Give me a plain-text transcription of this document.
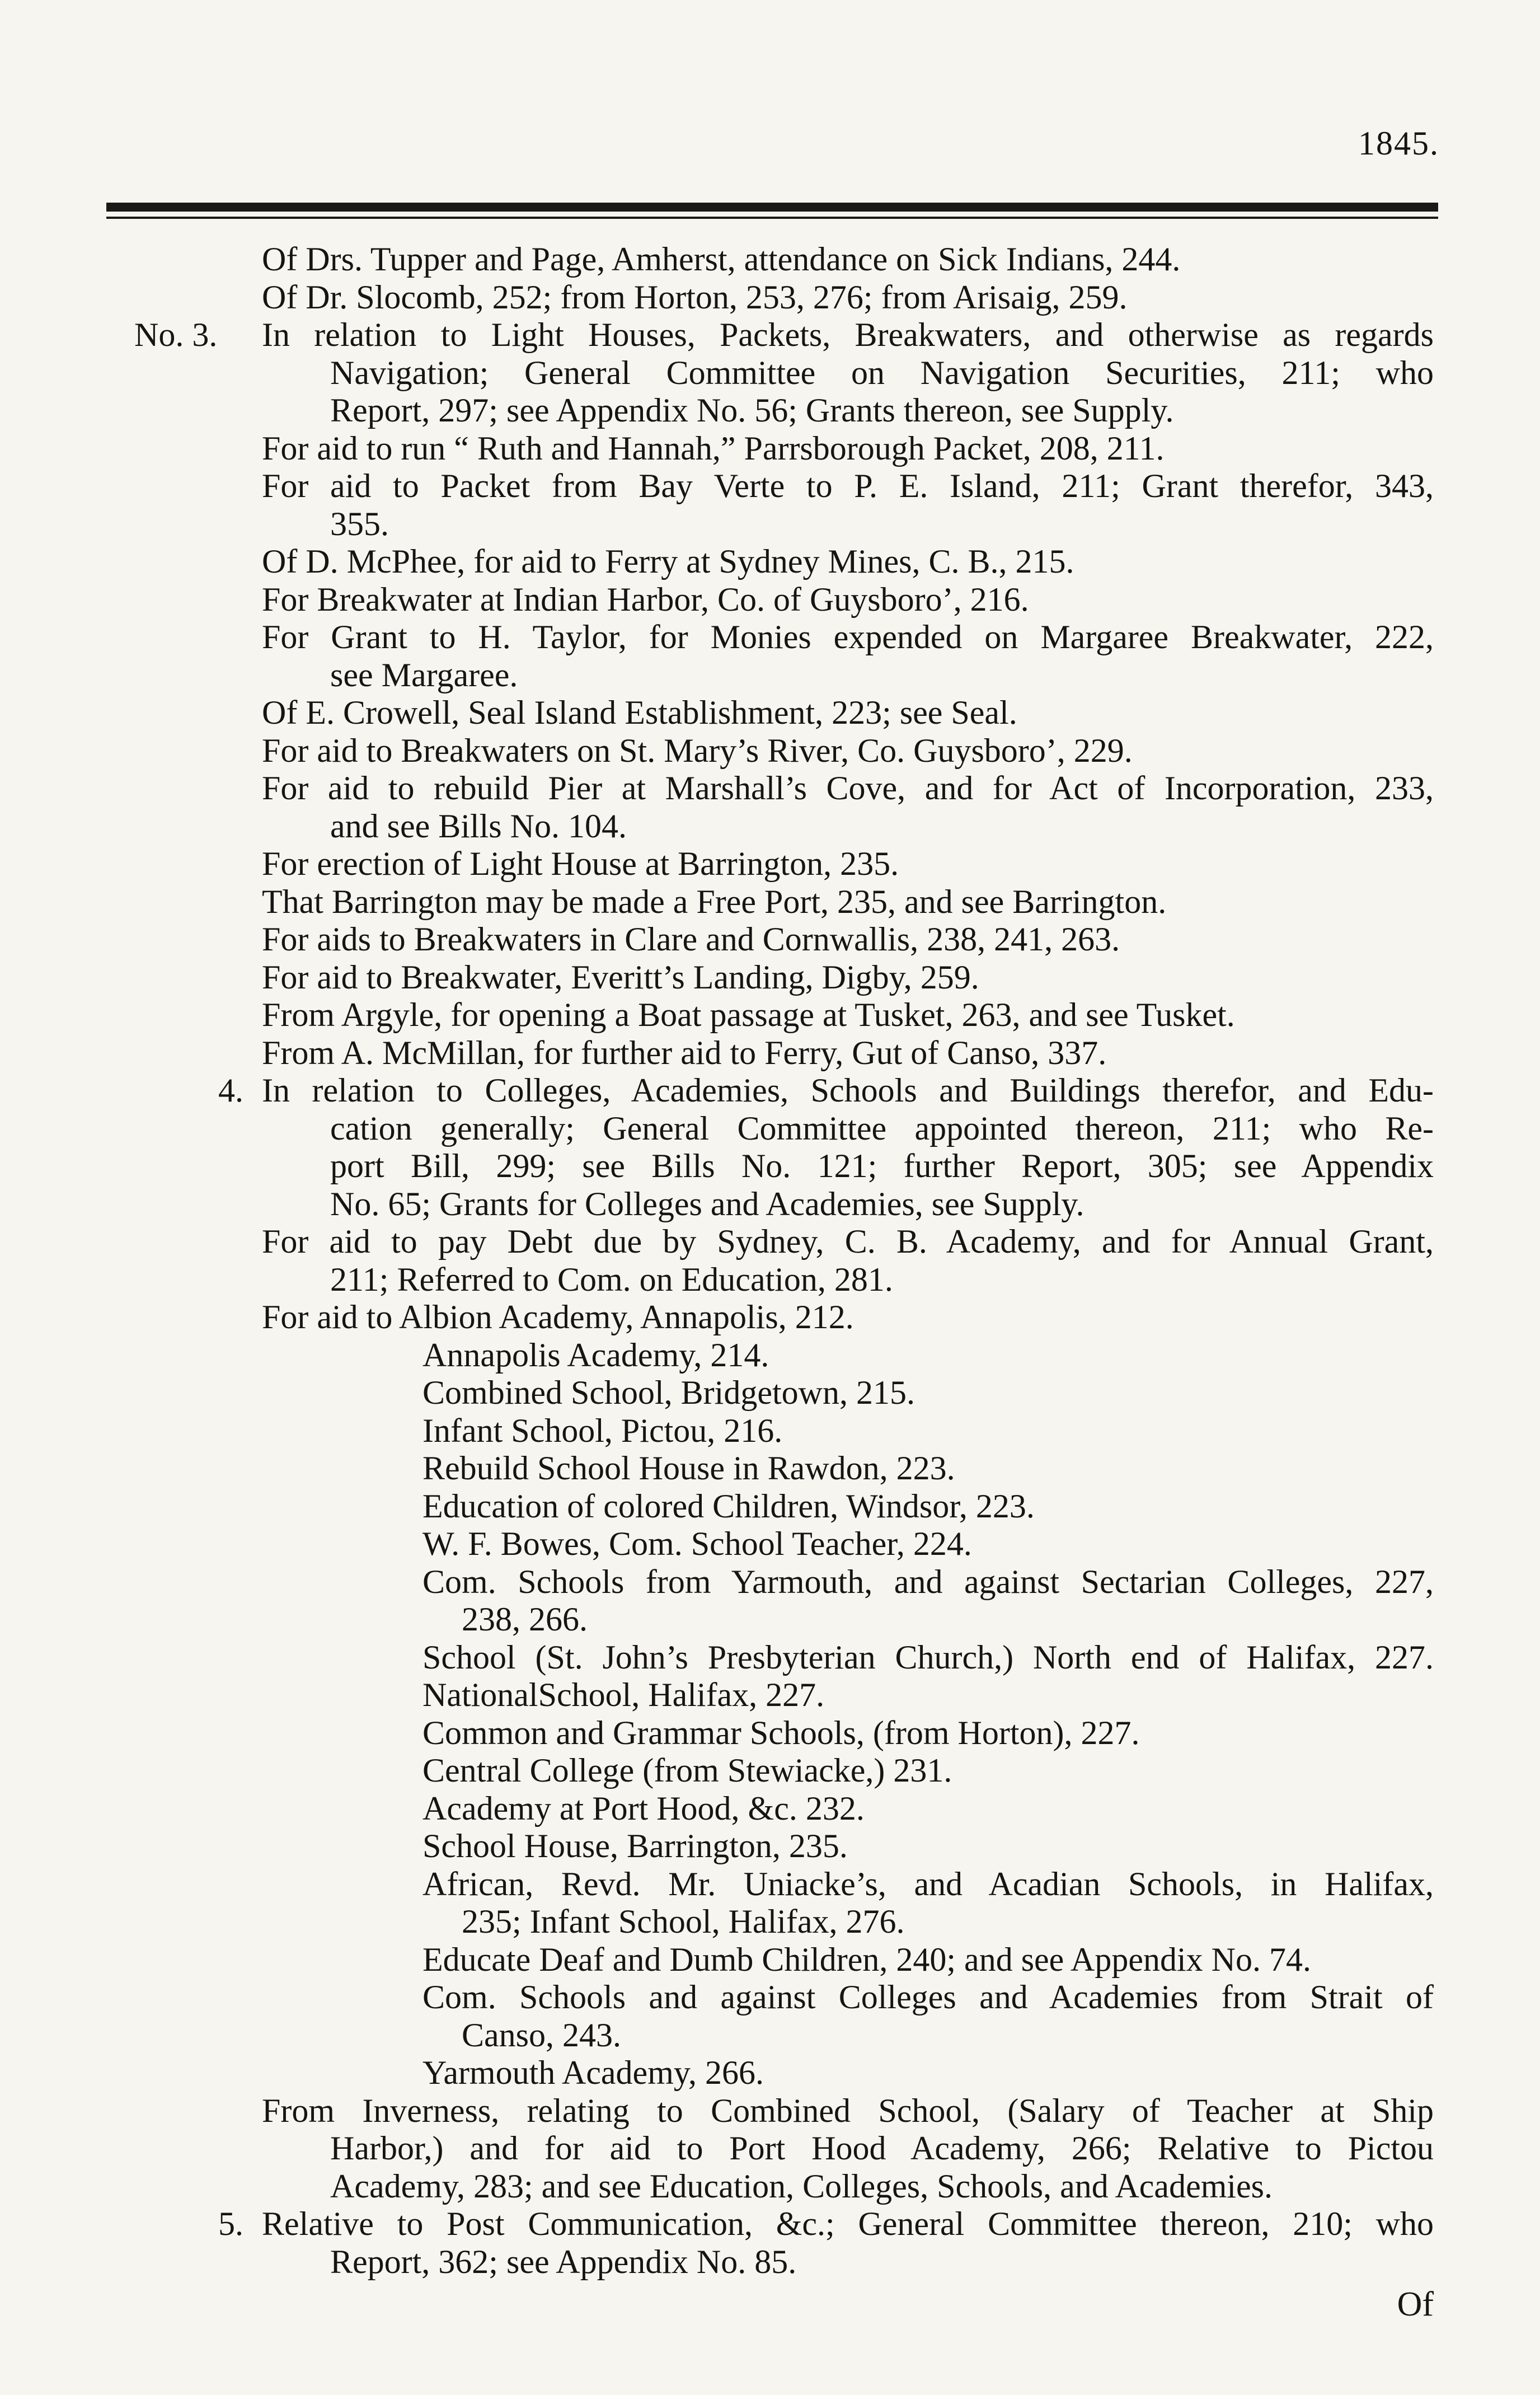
1845.
Of Drs. Tupper and Page, Amherst, attendance on Sick Indians, 244.
Of Dr. Slocomb, 252; from Horton, 253, 276; from Arisaig, 259.
No. 3. In relation to Light Houses, Packets, Breakwaters, and otherwise as regards
Navigation; General Committee on Navigation Securities, 211; who
Report, 297; see Appendix No. 56; Grants thereon, see Supply.
For aid to run “ Ruth and Hannah,” Parrsborough Packet, 208, 211.
For aid to Packet from Bay Verte to P. E. Island, 211; Grant therefor, 343,
355.
Of D. McPhee, for aid to Ferry at Sydney Mines, C. B., 215.
For Breakwater at Indian Harbor, Co. of Guysboro’, 216.
For Grant to H. Taylor, for Monies expended on Margaree Breakwater, 222,
see Margaree.
Of E. Crowell, Seal Island Establishment, 223; see Seal.
For aid to Breakwaters on St. Mary’s River, Co. Guysboro’, 229.
For aid to rebuild Pier at Marshall’s Cove, and for Act of Incorporation, 233,
and see Bills No. 104.
For erection of Light House at Barrington, 235.
That Barrington may be made a Free Port, 235, and see Barrington.
For aids to Breakwaters in Clare and Cornwallis, 238, 241, 263.
For aid to Breakwater, Everitt’s Landing, Digby, 259.
From Argyle, for opening a Boat passage at Tusket, 263, and see Tusket.
From A. McMillan, for further aid to Ferry, Gut of Canso, 337.
4. In relation to Colleges, Academies, Schools and Buildings therefor, and Edu-
cation generally; General Committee appointed thereon, 211; who Re-
port Bill, 299; see Bills No. 121; further Report, 305; see Appendix
No. 65; Grants for Colleges and Academies, see Supply.
For aid to pay Debt due by Sydney, C. B. Academy, and for Annual Grant,
211; Referred to Com. on Education, 281.
For aid to Albion Academy, Annapolis, 212.
Annapolis Academy, 214.
Combined School, Bridgetown, 215.
Infant School, Pictou, 216.
Rebuild School House in Rawdon, 223.
Education of colored Children, Windsor, 223.
W. F. Bowes, Com. School Teacher, 224.
Com. Schools from Yarmouth, and against Sectarian Colleges, 227,
238, 266.
School (St. John’s Presbyterian Church,) North end of Halifax, 227.
NationalSchool, Halifax, 227.
Common and Grammar Schools, (from Horton), 227.
Central College (from Stewiacke,) 231.
Academy at Port Hood, &c. 232.
School House, Barrington, 235.
African, Revd. Mr. Uniacke’s, and Acadian Schools, in Halifax,
235; Infant School, Halifax, 276.
Educate Deaf and Dumb Children, 240; and see Appendix No. 74.
Com. Schools and against Colleges and Academies from Strait of
Canso, 243.
Yarmouth Academy, 266.
From Inverness, relating to Combined School, (Salary of Teacher at Ship
Harbor,) and for aid to Port Hood Academy, 266; Relative to Pictou
Academy, 283; and see Education, Colleges, Schools, and Academies.
5. Relative to Post Communication, &c.; General Committee thereon, 210; who
Report, 362; see Appendix No. 85.
Of
